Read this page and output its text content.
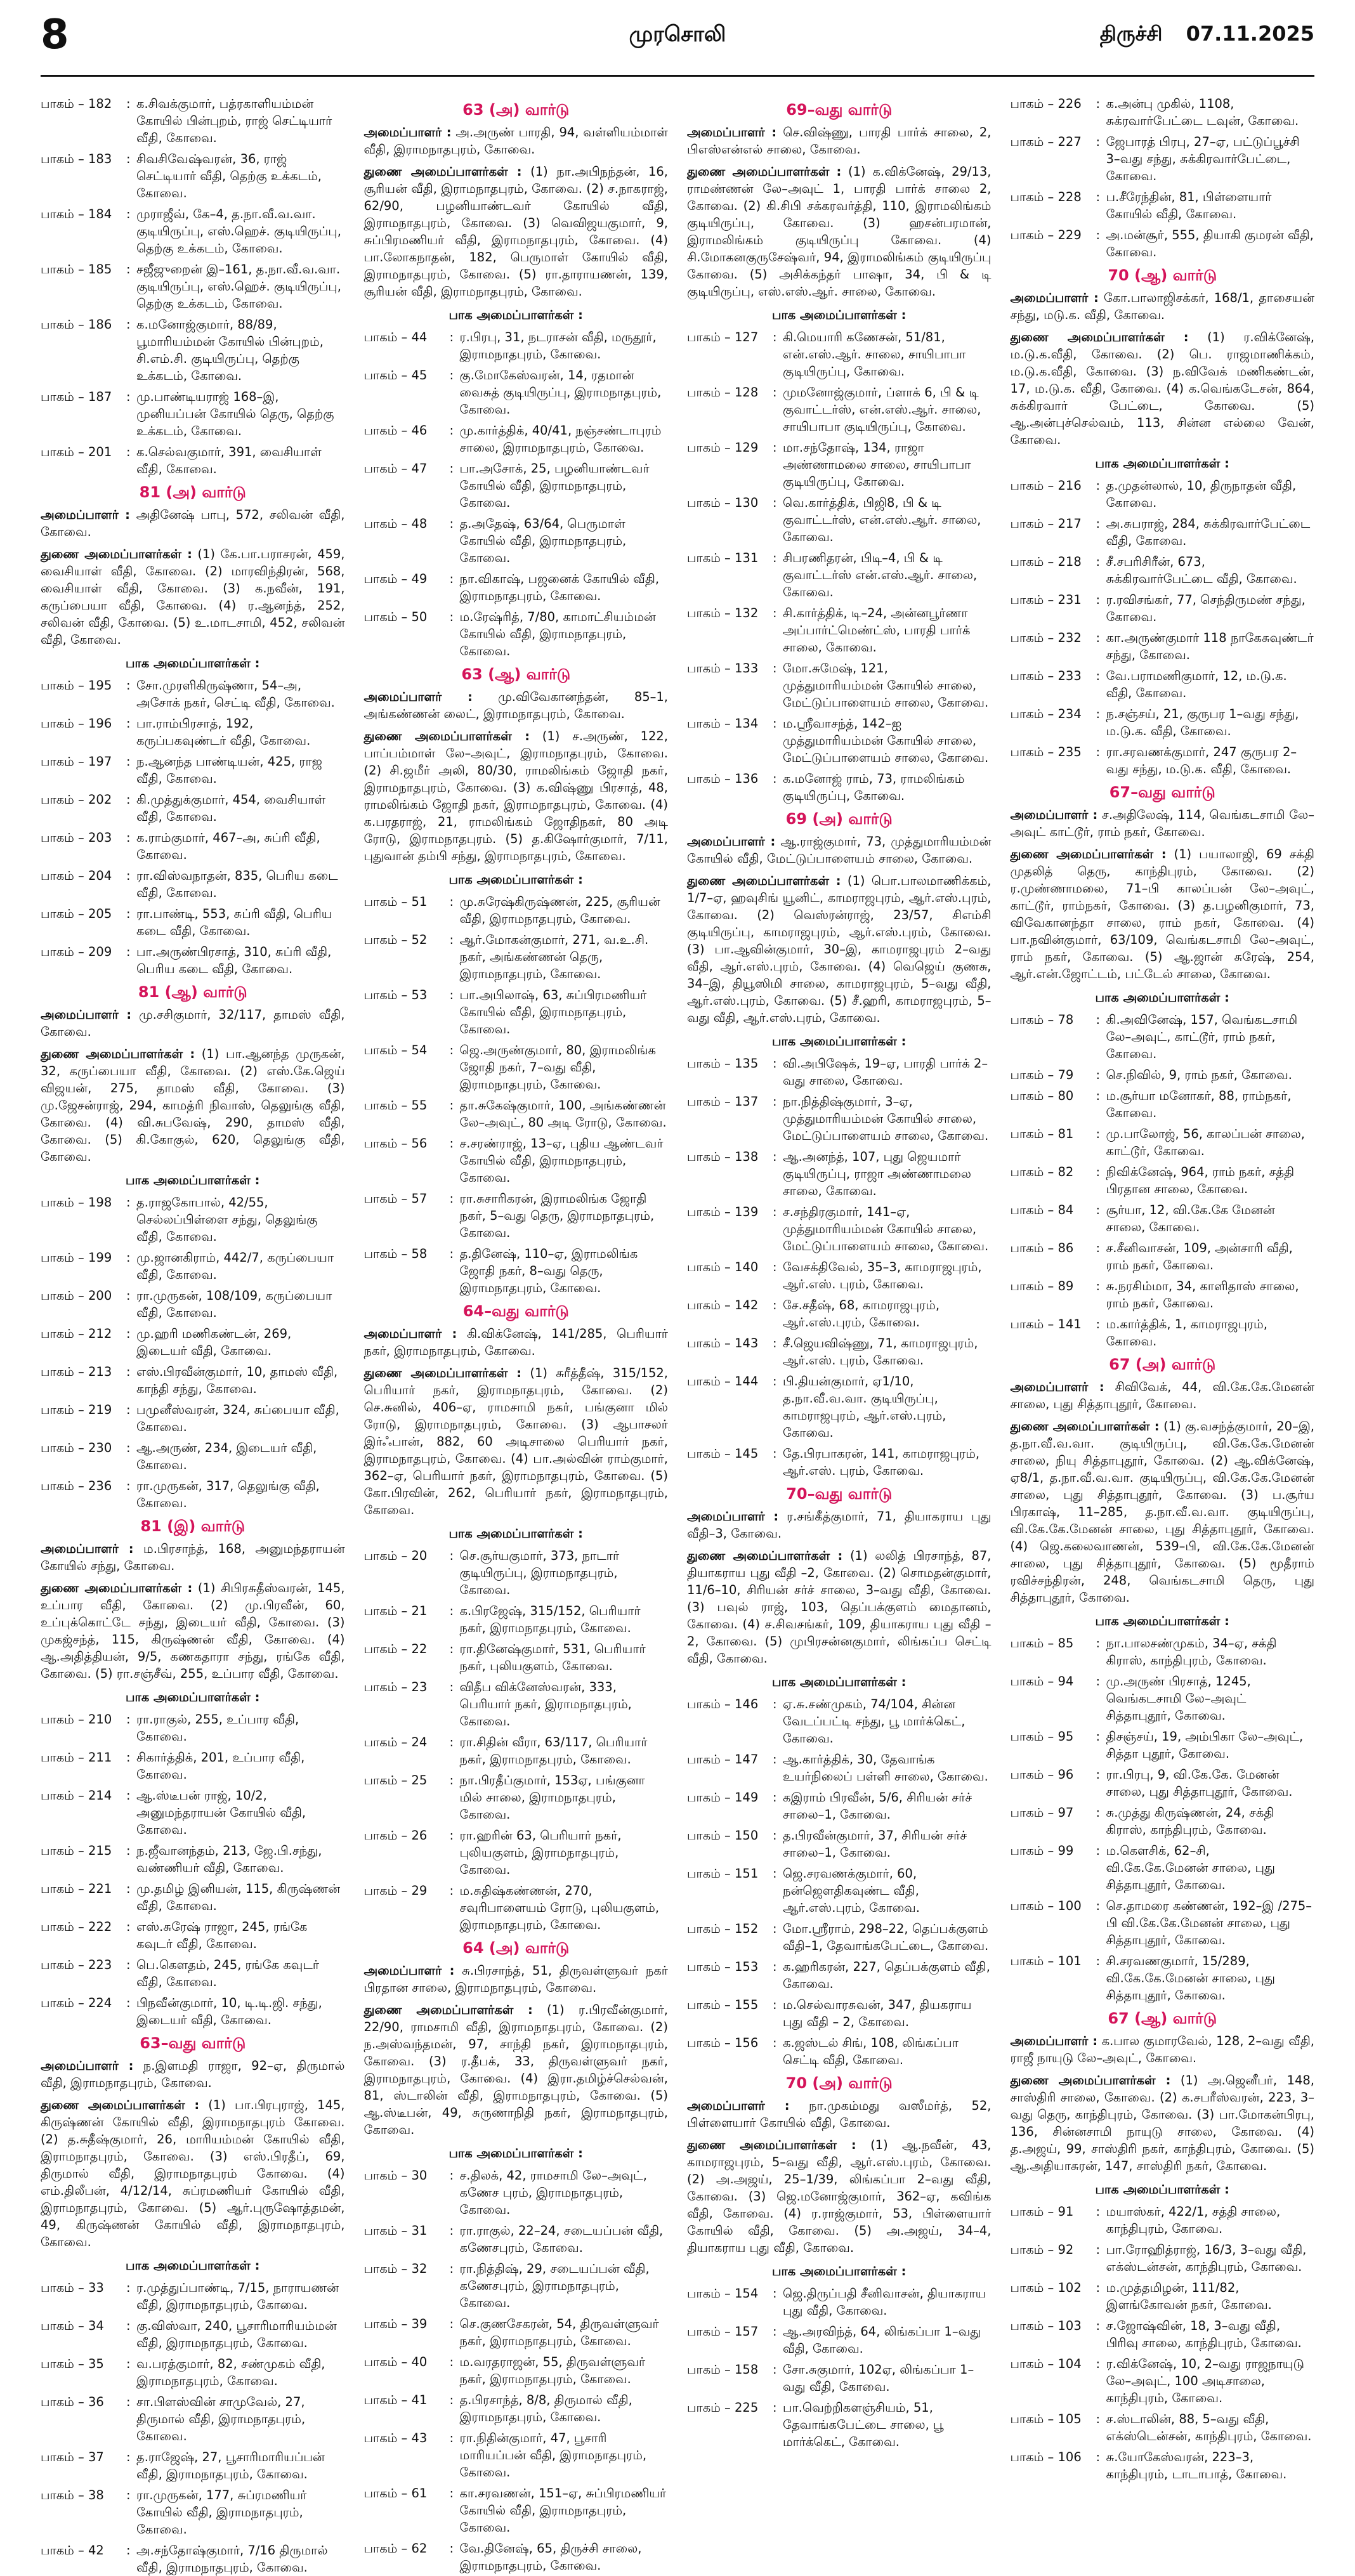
8	முரசொலி	திருச்சி 07.11.2025
பாகம் – 182	: க.சிவக்குமார், பத்ரகாளியம்மன் கோயில் பின்புறம், ராஜ் செட்டியார் வீதி, கோவை.
பாகம் – 183	: சிவசிவேஷ்வரன், 36, ராஜ் செட்டியார் வீதி, தெற்கு உக்கடம், கோவை.
பாகம் – 184	: முராஜீவ், கே–4, த.நா.வீ.வ.வா. குடியிருப்பு, எஸ்.ஹெச். குடியிருப்பு, தெற்கு உக்கடம், கோவை.
பாகம் – 185	: சஜீஜுறைன் இ–161, த.நா.வீ.வ.வா. குடியிருப்பு, எஸ்.ஹெச். குடியிருப்பு, தெற்கு உக்கடம், கோவை.
பாகம் – 186	: க.மனோஜ்குமார், 88/89, பூமாரியம்மன் கோயில் பின்புறம், சி.எம்.சி. குடியிருப்பு, தெற்கு உக்கடம், கோவை.
பாகம் – 187	: மு.பாண்டியராஜ் 168–இ, முனியப்பன் கோயில் தெரு, தெற்கு உக்கடம், கோவை.
பாகம் – 201	: க.செல்வகுமார், 391, வைசியாள் வீதி, கோவை.
81 (அ) வார்டு
அமைப்பாளர் : அதினேஷ் பாபு, 572, சலிவன் வீதி, கோவை.
துணை அமைப்பாளர்கள் : (1) கே.பா.பராசரன், 459, வைசியாள் வீதி, கோவை. (2) மாரவிந்திரன், 568, வைசியாள் வீதி, கோவை. (3) க.நவீன், 191, கருப்பையா வீதி, கோவை. (4) ர.ஆனந்த், 252, சலிவன் வீதி, கோவை. (5) உ.மாடசாமி, 452, சலிவன் வீதி, கோவை.
பாக அமைப்பாளர்கள் :
பாகம் – 195	: சோ.முரளிகிருஷ்ணா, 54–அ, அசோக் நகர், செட்டி வீதி, கோவை.
பாகம் – 196	: பா.ராம்பிரசாத், 192, கருப்பகவுண்டர் வீதி, கோவை.
பாகம் – 197	: ந.ஆனந்த பாண்டியன், 425, ராஜ வீதி, கோவை.
பாகம் – 202	: கி.முத்துக்குமார், 454, வைசியாள் வீதி, கோவை.
பாகம் – 203	: க.ராம்குமார், 467–அ, சுப்ரி வீதி, கோவை.
பாகம் – 204	: ரா.விஸ்வநாதன், 835, பெரிய கடை வீதி, கோவை.
பாகம் – 205	: ரா.பாண்டி, 553, சுப்ரி வீதி, பெரிய கடை வீதி, கோவை.
பாகம் – 209	: பா.அருண்பிரசாத், 310, சுப்ரி வீதி, பெரிய கடை வீதி, கோவை.
81 (ஆ) வார்டு
அமைப்பாளர் : மு.சசிகுமார், 32/117, தாமஸ் வீதி, கோவை.
துணை அமைப்பாளர்கள் : (1) பா.ஆனந்த முருகன், 32, கருப்பையா வீதி, கோவை. (2) எஸ்.கே.ஜெய் விஜயன், 275, தாமஸ் வீதி, கோவை. (3) மு.ஜேசன்ராஜ், 294, காமத்ரி நிவாஸ், தெலுங்கு வீதி, கோவை. (4) வி.சுபவேஷ், 290, தாமஸ் வீதி, கோவை. (5) கி.கோகுல், 620, தெலுங்கு வீதி, கோவை.
பாக அமைப்பாளர்கள் :
பாகம் – 198	: த.ராஜகோபால், 42/55, செல்லப்பிள்ளை சந்து, தெலுங்கு வீதி, கோவை.
பாகம் – 199	: மு.ஜானகிராம், 442/7, கருப்பையா வீதி, கோவை.
பாகம் – 200	: ரா.முருகன், 108/109, கருப்பையா வீதி, கோவை.
பாகம் – 212	: மு.ஹரி மணிகண்டன், 269, இடையர் வீதி, கோவை.
பாகம் – 213	: எஸ்.பிரவீன்குமார், 10, தாமஸ் வீதி, காந்தி சந்து, கோவை.
பாகம் – 219	: பமுனீஸ்வரன், 324, சுப்பையா வீதி, கோவை.
பாகம் – 230	: ஆ.அருண், 234, இடையர் வீதி, கோவை.
பாகம் – 236	: ரா.முருகன், 317, தெலுங்கு வீதி, கோவை.
81 (இ) வார்டு
அமைப்பாளர் : ம.பிரசாந்த், 168, அனுமந்தராயன் கோயில் சந்து, கோவை.
துணை அமைப்பாளர்கள் : (1) சிபிரசுதீஸ்வரன், 145, உப்பார வீதி, கோவை. (2) மு.பிரவீன், 60, உப்புக்கொட்டே சந்து, இடையர் வீதி, கோவை. (3) முகஜ்சந்த், 115, கிருஷ்ணன் வீதி, கோவை. (4) ஆ.அதித்தியன், 9/5, கணகதாரா சந்து, ரங்கே வீதி, கோவை. (5) ரா.சஞ்சீவ், 255, உப்பார வீதி, கோவை.
பாக அமைப்பாளர்கள் :
பாகம் – 210	: ரா.ராகுல், 255, உப்பார வீதி, கோவை.
பாகம் – 211	: சிகார்த்திக், 201, உப்பார வீதி, கோவை.
பாகம் – 214	: ஆ.ஸ்டீபன் ராஜ், 10/2, அனுமந்தராயன் கோயில் வீதி, கோவை.
பாகம் – 215	: ந.ஜீவானந்தம், 213, ஜே.பி.சந்து, வண்ணியர் வீதி, கோவை.
பாகம் – 221	: மு.தமிழ் இனியன், 115, கிருஷ்ணன் வீதி, கோவை.
பாகம் – 222	: எஸ்.சுரேஷ் ராஜா, 245, ரங்கே கவுடர் வீதி, கோவை.
பாகம் – 223	: பெ.கௌதம், 245, ரங்கே கவுடர் வீதி, கோவை.
பாகம் – 224	: பிநவீன்குமார், 10, டி.டி.ஜி. சந்து, இடையர் வீதி, கோவை.
63–வது வார்டு
அமைப்பாளர் : ந.இளமதி ராஜா, 92–ஏ, திருமால் வீதி, இராமநாதபுரம், கோவை.
துணை அமைப்பாளர்கள் : (1) பா.பிரபுராஜ், 145, கிருஷ்ணன் கோயில் வீதி, இராமநாதபுரம் கோவை. (2) த.சுதீஷ்குமார், 26, மாரியம்மன் கோயில் வீதி, இராமநாதபுரம், கோவை. (3) எஸ்.பிரதீப், 69, திருமால் வீதி, இராமநாதபுரம் கோவை. (4) எம்.திலீபன், 4/12/14, சுப்ரமணியர் கோயில் வீதி, இராமநாதபுரம், கோவை. (5) ஆர்.புருஷோத்தமன், 49, கிருஷ்ணன் கோயில் வீதி, இராமநாதபுரம், கோவை.
பாக அமைப்பாளர்கள் :
பாகம் – 33	: ர.முத்துப்பாண்டி, 7/15, நாராயணன் வீதி, இராமநாதபுரம், கோவை.
பாகம் – 34	: கு.விஸ்வா, 240, பூசாரிமாரியம்மன் வீதி, இராமநாதபுரம், கோவை.
பாகம் – 35	: வ.பரத்குமார், 82, சண்முகம் வீதி, இராமநாதபுரம், கோவை.
பாகம் – 36	: சா.பிளஸ்வின் சாமுவேல், 27, திருமால் வீதி, இராமநாதபுரம், கோவை.
பாகம் – 37	: த.ராஜேஷ், 27, பூசாரிமாரியப்பன் வீதி, இராமநாதபுரம், கோவை.
பாகம் – 38	: ரா.முருகன், 177, சுப்ரமணியர் கோயில் வீதி, இராமநாதபுரம், கோவை.
பாகம் – 42	: அ.சந்தோஷ்குமார், 7/16 திருமால் வீதி, இராமநாதபுரம், கோவை.
63 (அ) வார்டு
அமைப்பாளர் : அ.அருண் பாரதி, 94, வள்ளியம்மாள் வீதி, இராமநாதபுரம், கோவை.
துணை அமைப்பாளர்கள் : (1) நா.அபிநந்தன், 16, சூரியன் வீதி, இராமநாதபுரம், கோவை. (2) ச.நாகராஜ், 62/90, பழனியாண்டவர் கோயில் வீதி, இராமநாதபுரம், கோவை. (3) வெவிஜயகுமார், 9, சுப்பிரமணியர் வீதி, இராமநாதபுரம், கோவை. (4) பா.லோகநாதன், 182, பெருமாள் கோயில் வீதி, இராமநாதபுரம், கோவை. (5) ரா.தாராயணன், 139, சூரியன் வீதி, இராமநாதபுரம், கோவை.
பாக அமைப்பாளர்கள் :
பாகம் – 44	: ர.பிரபு, 31, நடராசன் வீதி, மருதூர், இராமநாதபுரம், கோவை.
பாகம் – 45	: கு.மோகேஸ்வரன், 14, ரதமான் வைசுத் குடியிருப்பு, இராமநாதபுரம், கோவை.
பாகம் – 46	: மு.கார்த்திக், 40/41, நஞ்சண்டாபுரம் சாலை, இராமநாதபுரம், கோவை.
பாகம் – 47	: பா.அசோக், 25, பழனியாண்டவர் கோயில் வீதி, இராமநாதபுரம், கோவை.
பாகம் – 48	: த.அதேஷ், 63/64, பெருமாள் கோயில் வீதி, இராமநாதபுரம், கோவை.
பாகம் – 49	: நா.விகாஷ், பஜனைக் கோயில் வீதி, இராமநாதபுரம், கோவை.
பாகம் – 50	: ம.ரேஷ்ரித், 7/80, காமாட்சியம்மன் கோயில் வீதி, இராமநாதபுரம், கோவை.
63 (ஆ) வார்டு
அமைப்பாளர் : மு.விவேகானந்தன், 85–1, அங்கண்ணன் லைட், இராமநாதபுரம், கோவை.
துணை அமைப்பாளர்கள் : (1) ச.அருண், 122, பாப்பம்மாள் லே–அவுட், இராமநாதபுரம், கோவை. (2) சி.ஜமீர் அலி, 80/30, ராமலிங்கம் ஜோதி நகர், இராமநாதபுரம், கோவை. (3) க.விஷ்ணு பிரசாத், 48, ராமலிங்கம் ஜோதி நகர், இராமநாதபுரம், கோவை. (4) க.பரதராஜ், 21, ராமலிங்கம் ஜோதிநகர், 80 அடி ரோடு, இராமநாதபுரம். (5) த.கிஷோர்குமார், 7/11, புதுவான் தம்பி சந்து, இராமநாதபுரம், கோவை.
பாக அமைப்பாளர்கள் :
பாகம் – 51	: மு.சுரேஷ்கிருஷ்ணன், 225, சூரியன் வீதி, இராமநாதபுரம், கோவை.
பாகம் – 52	: ஆர்.மோகன்குமார், 271, வ.உ.சி. நகர், அங்கண்ணன் தெரு, இராமநாதபுரம், கோவை.
பாகம் – 53	: பா.அபிலாஷ், 63, சுப்பிரமணியர் கோயில் வீதி, இராமநாதபுரம், கோவை.
பாகம் – 54	: ஜெ.அருண்குமார், 80, இராமலிங்க ஜோதி நகர், 7–வது வீதி, இராமநாதபுரம், கோவை.
பாகம் – 55	: தா.சுகேஷ்குமார், 100, அங்கண்ணன் லே–அவுட், 80 அடி ரோடு, கோவை.
பாகம் – 56	: ச.சரண்ராஜ், 13–ஏ, புதிய ஆண்டவர் கோயில் வீதி, இராமநாதபுரம், கோவை.
பாகம் – 57	: ரா.சுசாரிகரன், இராமலிங்க ஜோதி நகர், 5–வது தெரு, இராமநாதபுரம், கோவை.
பாகம் – 58	: த.தினேஷ், 110–ஏ, இராமலிங்க ஜோதி நகர், 8–வது தெரு, இராமநாதபுரம், கோவை.
64–வது வார்டு
அமைப்பாளர் : கி.விக்னேஷ், 141/285, பெரியார் நகர், இராமநாதபுரம், கோவை.
துணை அமைப்பாளர்கள் : (1) சுரீத்தீஷ், 315/152, பெரியார் நகர், இராமநாதபுரம், கோவை. (2) செ.சுனில், 406–ஏ, ராமசாமி நகர், பங்குனா மில் ரோடு, இராமநாதபுரம், கோவை. (3) ஆபாசலர் இர்ஃபான், 882, 60 அடிசாலை பெரியார் நகர், இராமநாதபுரம், கோவை. (4) பா.அல்வின் ராம்குமார், 362–ஏ, பெரியார் நகர், இராமநாதபுரம், கோவை. (5) கோ.பிரவின், 262, பெரியார் நகர், இராமநாதபுரம், கோவை.
பாக அமைப்பாளர்கள் :
பாகம் – 20	: செ.சூர்யகுமார், 373, நாடார் குடியிருப்பு, இராமநாதபுரம், கோவை.
பாகம் – 21	: க.பிரஜேஷ், 315/152, பெரியார் நகர், இராமநாதபுரம், கோவை.
பாகம் – 22	: ரா.தினேஷ்குமார், 531, பெரியார் நகர், புலியகுளம், கோவை.
பாகம் – 23	: விதீப விக்னேஸ்வரன், 333, பெரியார் நகர், இராமநாதபுரம், கோவை.
பாகம் – 24	: ரா.சிதின் வீரா, 63/117, பெரியார் நகர், இராமநாதபுரம், கோவை.
பாகம் – 25	: நா.பிரதீப்குமார், 153ஏ, பங்குனா மில் சாலை, இராமநாதபுரம், கோவை.
பாகம் – 26	: ரா.ஹரின் 63, பெரியார் நகர், புலியகுளம், இராமநாதபுரம், கோவை.
பாகம் – 29	: ம.சுதிஷ்கண்ணன், 270, சவுரிபாளையம் ரோடு, புலியகுளம், இராமநாதபுரம், கோவை.
64 (அ) வார்டு
அமைப்பாளர் : சு.பிரசாந்த், 51, திருவள்ளுவர் நகர் பிரதான சாலை, இராமநாதபுரம், கோவை.
துணை அமைப்பாளர்கள் : (1) ர.பிரவீன்குமார், 22/90, ராமசாமி வீதி, இராமநாதபுரம், கோவை. (2) ந.அஸ்வந்தமன், 97, சாந்தி நகர், இராமநாதபுரம், கோவை. (3) ர.தீபக், 33, திருவள்ளுவர் நகர், இராமநாதபுரம், கோவை. (4) இரா.தமிழ்ச்செல்வன், 81, ஸ்டாலின் வீதி, இராமநாதபுரம், கோவை. (5) ஆ.ஸ்டீபன், 49, சுருணாநிதி நகர், இராமநாதபுரம், கோவை.
பாக அமைப்பாளர்கள் :
பாகம் – 30	: ச.திலக், 42, ராமசாமி லே–அவுட், கணேச புரம், இராமநாதபுரம், கோவை.
பாகம் – 31	: ரா.ராகுல், 22–24, சடையப்பன் வீதி, கணேசபுரம், கோவை.
பாகம் – 32	: ரா.நித்திஷ், 29, சடையப்பன் வீதி, கணேசபுரம், இராமநாதபுரம், கோவை.
பாகம் – 39	: செ.குணசேகரன், 54, திருவள்ளுவர் நகர், இராமநாதபுரம், கோவை.
பாகம் – 40	: ம.வரதராஜன், 55, திருவள்ளுவர் நகர், இராமநாதபுரம், கோவை.
பாகம் – 41	: த.பிரசாந்த், 8/8, திருமால் வீதி, இராமநாதபுரம், கோவை.
பாகம் – 43	: ரா.நிதின்குமார், 47, பூசாரி மாரியப்பன் வீதி, இராமநாதபுரம், கோவை.
பாகம் – 61	: கா.சரவணன், 151–ஏ, சுப்பிரமணியர் கோயில் வீதி, இராமநாதபுரம், கோவை.
பாகம் – 62	: வே.தினேஷ், 65, திருச்சி சாலை, இராமநாதபுரம், கோவை.
69–வது வார்டு
அமைப்பாளர் : செ.விஷ்ணு, பாரதி பார்க் சாலை, 2, பிஎஸ்என்எல் சாலை, கோவை.
துணை அமைப்பாளர்கள் : (1) க.விக்னேஷ், 29/13, ராமண்ணன் லே–அவுட் 1, பாரதி பார்க் சாலை 2, கோவை. (2) கி.சிபி சக்கரவர்த்தி, 110, இராமலிங்கம் குடியிருப்பு, கோவை. (3) ஹசன்பரமான், இராமலிங்கம் குடியிருப்பு கோவை. (4) சி.மோகனகுருசேஷ்வர், 94, இராமலிங்கம் குடியிருப்பு கோவை. (5) அசிக்கந்தர் பாஷா, 34, பி & டி குடியிருப்பு, எஸ்.எஸ்.ஆர். சாலை, கோவை.
பாக அமைப்பாளர்கள் :
பாகம் – 127	: கி.மெயாரி கணேசன், 51/81, என்.எஸ்.ஆர். சாலை, சாயிபாபா குடியிருப்பு, கோவை.
பாகம் – 128	: முமனோஜ்குமார், ப்ளாக் 6, பி & டி குவாட்டர்ஸ், என்.எஸ்.ஆர். சாலை, சாயிபாபா குடியிருப்பு, கோவை.
பாகம் – 129	: மா.சந்தோஷ், 134, ராஜா அண்ணாமலை சாலை, சாயிபாபா குடியிருப்பு, கோவை.
பாகம் – 130	: வெ.கார்த்திக், பிஜி8, பி & டி குவாட்டர்ஸ், என்.எஸ்.ஆர். சாலை, கோவை.
பாகம் – 131	: சிபரணிதரன், பிடி–4, பி & டி குவாட்டர்ஸ் என்.எஸ்.ஆர். சாலை, கோவை.
பாகம் – 132	: சி.கார்த்திக், டி–24, அன்னபூர்ணா அப்பார்ட்மெண்ட்ஸ், பாரதி பார்க் சாலை, கோவை.
பாகம் – 133	: மோ.சுமேஷ், 121, முத்துமாரியம்மன் கோயில் சாலை, மேட்டுப்பாளையம் சாலை, கோவை.
பாகம் – 134	: ம.ஸ்ரீவாசந்த், 142–ஐ முத்துமாரியம்மன் கோயில் சாலை, மேட்டுப்பாளையம் சாலை, கோவை.
பாகம் – 136	: க.மனோஜ் ராம், 73, ராமலிங்கம் குடியிருப்பு, கோவை.
69 (அ) வார்டு
அமைப்பாளர் : ஆ.ராஜ்குமார், 73, முத்துமாரியம்மன் கோயில் வீதி, மேட்டுப்பாளையம் சாலை, கோவை.
துணை அமைப்பாளர்கள் : (1) பொ.பாலமாணிக்கம், 1/7–ஏ, ஹவுசிங் யூனிட், காமராஜபுரம், ஆர்.எஸ்.புரம், கோவை. (2) வெஸ்ரன்ராஜ், 23/57, சிஎம்சி குடியிருப்பு, காமராஜபுரம், ஆர்.எஸ்.புரம், கோவை. (3) பா.ஆவின்குமார், 30–இ, காமராஜபுரம் 2–வது வீதி, ஆர்.எஸ்.புரம், கோவை. (4) வெஜெய் குணசு, 34–இ, தியூஸிமி சாலை, காமராஜபுரம், 5–வது வீதி, ஆர்.எஸ்.புரம், கோவை. (5) சீ.ஹரி, காமராஜபுரம், 5–வது வீதி, ஆர்.எஸ்.புரம், கோவை.
பாக அமைப்பாளர்கள் :
பாகம் – 135	: வி.அபிஷேக், 19–ஏ, பாரதி பார்க் 2–வது சாலை, கோவை.
பாகம் – 137	: நா.நித்திஷ்குமார், 3–ஏ, முத்துமாரியம்மன் கோயில் சாலை, மேட்டுப்பாளையம் சாலை, கோவை.
பாகம் – 138	: ஆ.அனந்த், 107, புது ஜெயமார் குடியிருப்பு, ராஜா அண்ணாமலை சாலை, கோவை.
பாகம் – 139	: ச.சந்திரகுமார், 141–ஏ, முத்துமாரியம்மன் கோயில் சாலை, மேட்டுப்பாளையம் சாலை, கோவை.
பாகம் – 140	: வேசக்திவேல், 35–3, காமராஜபுரம், ஆர்.எஸ். புரம், கோவை.
பாகம் – 142	: சே.சதீஷ், 68, காமராஜபுரம், ஆர்.எஸ்.புரம், கோவை.
பாகம் – 143	: சீ.ஜெயவிஷ்ணு, 71, காமராஜபுரம், ஆர்.எஸ். புரம், கோவை.
பாகம் – 144	: பி.தியன்குமார், ஏ1/10, த.நா.வீ.வ.வா. குடியிருப்பு, காமராஜபுரம், ஆர்.எஸ்.புரம், கோவை.
பாகம் – 145	: தே.பிரபாகரன், 141, காமராஜபுரம், ஆர்.எஸ். புரம், கோவை.
70–வது வார்டு
அமைப்பாளர் : ர.சங்கீத்குமார், 71, தியாகராய புது வீதி–3, கோவை.
துணை அமைப்பாளர்கள் : (1) லலித் பிரசாந்த், 87, தியாகராய புது வீதி –2, கோவை. (2) சொமதன்குமார், 11/6–10, சிரியன் சர்ச் சாலை, 3–வது வீதி, கோவை. (3) பவுல் ராஜ், 103, தெப்பக்குளம் மைதானம், கோவை. (4) ச.சிவசங்கர், 109, தியாகராய புது வீதி –2, கோவை. (5) முபிரசன்னகுமார், லிங்கப்ப செட்டி வீதி, கோவை.
பாக அமைப்பாளர்கள் :
பாகம் – 146	: ஏ.சு.சண்முகம், 74/104, சின்ன வேடப்பட்டி சந்து, பூ மார்க்கெட், கோவை.
பாகம் – 147	: ஆ.கார்த்திக், 30, தேவாங்க உயர்நிலைப் பள்ளி சாலை, கோவை.
பாகம் – 149	: கஇராம் பிரவீன், 5/6, சிரியன் சர்ச் சாலை–1, கோவை.
பாகம் – 150	: த.பிரவீன்குமார், 37, சிரியன் சர்ச் சாலை–1, கோவை.
பாகம் – 151	: ஜெ.சரவணக்குமார், 60, நன்ஜௌதிகவுண்ட வீதி, ஆர்.எஸ்.புரம், கோவை.
பாகம் – 152	: மோ.ஸ்ரீராம், 298–22, தெப்பக்குளம் வீதி–1, தேவாங்கபேட்டை, கோவை.
பாகம் – 153	: க.ஹரிகரன், 227, தெப்பக்குளம் வீதி, கோவை.
பாகம் – 155	: ம.செல்வாரசுவன், 347, தியகராய புது வீதி – 2, கோவை.
பாகம் – 156	: க.ஜஸ்டல் சிங், 108, லிங்கப்பா செட்டி வீதி, கோவை.
70 (அ) வார்டு
அமைப்பாளர் : நா.முகம்மது வஸீமர்த், 52, பிள்ளையார் கோயில் வீதி, கோவை.
துணை அமைப்பாளர்கள் : (1) ஆ.நவீன், 43, காமராஜபுரம், 5–வது வீதி, ஆர்.எஸ்.புரம், கோவை. (2) அ.அஜய், 25–1/39, லிங்கப்பா 2–வது வீதி, கோவை. (3) ஜெ.மனோஜ்குமார், 362–ஏ, கவிங்க வீதி, கோவை. (4) ர.ராஜ்குமார், 53, பிள்ளையார் கோயில் வீதி, கோவை. (5) அ.அஜய், 34–4, தியாகராய புது வீதி, கோவை.
பாக அமைப்பாளர்கள் :
பாகம் – 154	: ஜெ.திருப்பதி சீனிவாசன், தியாகராய புது வீதி, கோவை.
பாகம் – 157	: ஆ.அரவிந்த், 64, லிங்கப்பா 1–வது வீதி, கோவை.
பாகம் – 158	: சோ.சுகுமார், 102ஏ, லிங்கப்பா 1–வது வீதி, கோவை.
பாகம் – 225	: பா.வெற்றிகளஞ்சியம், 51, தேவாங்கபேட்டை சாலை, பூ மார்க்கெட், கோவை.
பாகம் – 226	: க.அன்பு முகில், 1108, சுக்ரவார்பேட்டை டவுன், கோவை.
பாகம் – 227	: ஜேபாரத் பிரபு, 27–ஏ, பட்டுப்பூச்சி 3–வது சந்து, சுக்கிரவார்பேட்டை, கோவை.
பாகம் – 228	: ப.சீரேந்தின், 81, பிள்ளையார் கோயில் வீதி, கோவை.
பாகம் – 229	: அ.மன்சூர், 555, தியாகி குமரன் வீதி, கோவை.
70 (ஆ) வார்டு
அமைப்பாளர் : கோ.பாலாஜிசக்கர், 168/1, தாசையன் சந்து, மடு.க. வீதி, கோவை.
துணை அமைப்பாளர்கள் : (1) ர.விக்னேஷ், ம.டு.க.வீதி, கோவை. (2) பெ. ராஜமாணிக்கம், ம.டு.க.வீதி, கோவை. (3) ந.விவேக் மணிகண்டன், 17, ம.டு.க. வீதி, கோவை. (4) க.வெங்கடேசன், 864, சுக்கிரவார் பேட்டை, கோவை. (5) ஆ.அன்புச்செல்வம், 113, சின்ன எல்லை வேன், கோவை.
பாக அமைப்பாளர்கள் :
பாகம் – 216	: த.முதன்லால், 10, திருநாதன் வீதி, கோவை.
பாகம் – 217	: அ.சுபராஜ், 284, சுக்கிரவார்பேட்டை வீதி, கோவை.
பாகம் – 218	: சீ.சபரிசிரீன், 673, சுக்கிரவார்பேட்டை வீதி, கோவை.
பாகம் – 231	: ர.ரவிசங்கர், 77, செந்திருமண் சந்து, கோவை.
பாகம் – 232	: கா.அருண்குமார் 118 நாகேசுவுண்டர் சந்து, கோவை.
பாகம் – 233	: வே.பராமணிகுமார், 12, ம.டு.க. வீதி, கோவை.
பாகம் – 234	: ந.சஞ்சய், 21, குருபர 1–வது சந்து, ம.டு.க. வீதி, கோவை.
பாகம் – 235	: ரா.சரவணக்குமார், 247 குருபர 2–வது சந்து, ம.டு.க. வீதி, கோவை.
67–வது வார்டு
அமைப்பாளர் : ச.அதிலேஷ், 114, வெங்கடசாமி லே–அவுட் காட்டூர், ராம் நகர், கோவை.
துணை அமைப்பாளர்கள் : (1) பயாலாஜி, 69 சக்தி முதலித் தெரு, காந்திபுரம், கோவை. (2) ர.முண்ணாமலை, 71–பி காலப்பன் லே–அவுட், காட்டூர், ராம்நகர், கோவை. (3) த.பழனிகுமார், 73, விவேகானந்தா சாலை, ராம் நகர், கோவை. (4) பா.நவின்குமார், 63/109, வெங்கடசாமி லே–அவுட், ராம் நகர், கோவை. (5) ஆ.ஜான் சுரேஷ், 254, ஆர்.என்.ஜோட்டம், பட்டேல் சாலை, கோவை.
பாக அமைப்பாளர்கள் :
பாகம் – 78	: கி.அவினேஷ், 157, வெங்கடசாமி லே–அவுட், காட்டூர், ராம் நகர், கோவை.
பாகம் – 79	: செ.நிவில், 9, ராம் நகர், கோவை.
பாகம் – 80	: ம.சூர்யா மனோகர், 88, ராம்நகர், கோவை.
பாகம் – 81	: மு.பாலோஜ், 56, காலப்பன் சாலை, காட்டூர், கோவை.
பாகம் – 82	: நிவிக்னேஷ், 964, ராம் நகர், சத்தி பிரதான சாலை, கோவை.
பாகம் – 84	: சூர்யா, 12, வி.கே.கே மேனன் சாலை, கோவை.
பாகம் – 86	: ச.சீனிவாசன், 109, அன்சாரி வீதி, ராம் நகர், கோவை.
பாகம் – 89	: சு.நரசிம்மா, 34, காளிதாஸ் சாலை, ராம் நகர், கோவை.
பாகம் – 141	: ம.கார்த்திக், 1, காமராஜபுரம், கோவை.
67 (அ) வார்டு
அமைப்பாளர் : சிவிவேக், 44, வி.கே.கே.மேனன் சாலை, புது சித்தாபுதூர், கோவை.
துணை அமைப்பாளர்கள் : (1) கு.வசந்த்குமார், 20–இ, த.நா.வீ.வ.வா. குடியிருப்பு, வி.கே.கே.மேனன் சாலை, நியு சித்தாபுதூர், கோவை. (2) ஆ.விக்னேஷ், ஏ8/1, த.நா.வீ.வ.வா. குடியிருப்பு, வி.கே.கே.மேனன் சாலை, புது சித்தாபுதூர், கோவை. (3) ப.சூர்ய பிரகாஷ், 11–285, த.நா.வீ.வ.வா. குடியிருப்பு, வி.கே.கே.மேனன் சாலை, புது சித்தாபுதூர், கோவை. (4) ஜெ.கலைவாணன், 539–பி, வி.கே.கே.மேனன் சாலை, புது சித்தாபுதூர், கோவை. (5) மூதீராம் ரவிச்சந்திரன், 248, வெங்கடசாமி தெரு, புது சித்தாபுதூர், கோவை.
பாக அமைப்பாளர்கள் :
பாகம் – 85	: நா.பாலசண்முகம், 34–ஏ, சக்தி கிராஸ், காந்திபுரம், கோவை.
பாகம் – 94	: மு.அருண் பிரசாத், 1245, வெங்கடசாமி லே–அவுட் சித்தாபுதூர், கோவை.
பாகம் – 95	: திசஞ்சய், 19, அம்பிகா லே–அவுட், சித்தா புதூர், கோவை.
பாகம் – 96	: ரா.பிரபு, 9, வி.கே.கே. மேனன் சாலை, புது சித்தாபுதூர், கோவை.
பாகம் – 97	: சு.முத்து கிருஷ்ணன், 24, சக்தி கிராஸ், காந்திபுரம், கோவை.
பாகம் – 99	: ம.கௌசிக், 62–சி, வி.கே.கே.மேனன் சாலை, புது சித்தாபுதூர், கோவை.
பாகம் – 100	: செ.தாமரை கண்ணன், 192–இ /275–பி வி.கே.கே.மேனன் சாலை, புது சித்தாபுதூர், கோவை.
பாகம் – 101	: சி.சரவணகுமார், 15/289, வி.கே.கே.மேனன் சாலை, புது சித்தாபுதூர், கோவை.
67 (ஆ) வார்டு
அமைப்பாளர் : க.பால குமாரவேல், 128, 2–வது வீதி, ராஜீ நாயுடு லே–அவுட், கோவை.
துணை அமைப்பாளர்கள் : (1) அ.ஜெனீபர், 148, சாஸ்திரி சாலை, கோவை. (2) க.சபரீஸ்வரன், 223, 3–வது தெரு, காந்திபுரம், கோவை. (3) பா.மோகன்பிரபு, 136, சின்னசாமி நாயுடு சாலை, கோவை. (4) த.அஜய், 99, சாஸ்திரி நகர், காந்திபுரம், கோவை. (5) ஆ.அதியாசுரன், 147, சாஸ்திரி நகர், கோவை.
பாக அமைப்பாளர்கள் :
பாகம் – 91	: மயாஸ்கர், 422/1, சத்தி சாலை, காந்திபுரம், கோவை.
பாகம் – 92	: பா.ரோஹித்ராஜ், 16/3, 3–வது வீதி, எக்ஸ்டன்சன், காந்திபுரம், கோவை.
பாகம் – 102	: ம.முத்தமிழன், 111/82, இளங்கோவன் நகர், கோவை.
பாகம் – 103	: ச.ஜோஷ்வின், 18, 3–வது வீதி, பிரிவு சாலை, காந்திபுரம், கோவை.
பாகம் – 104	: ர.விக்னேஷ், 10, 2–வது ராஜநாயுடு லே–அவுட், 100 அடிசாலை, காந்திபுரம், கோவை.
பாகம் – 105	: ச.ஸ்டாலின், 88, 5–வது வீதி, எக்ஸ்டென்சன், காந்திபுரம், கோவை.
பாகம் – 106	: சு.யோகேஸ்வரன், 223–3, காந்திபுரம், டாடாபாத், கோவை.
